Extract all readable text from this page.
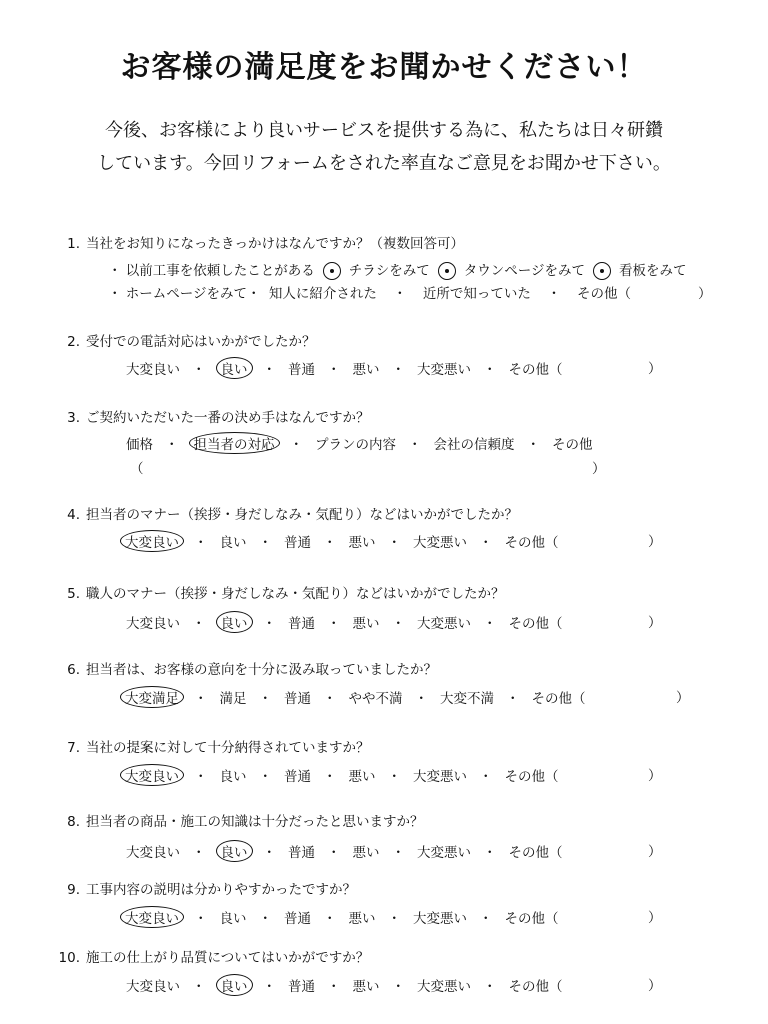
お客様の満足度をお聞かせください！
今後、お客様により良いサービスを提供する為に、私たちは日々研鑽
しています。今回リフォームをされた率直なご意見をお聞かせ下さい。
1. 当社をお知りになったきっかけはなんですか？（複数回答可）
・ 以前工事を依頼したことがある	チラシをみて	タウンページをみて	看板をみて
・ ホームページをみて・ 知人に紹介された ・ 近所で知っていた ・ その他（	）
2. 受付での電話対応はいかがでしたか？
大変良い ・ 良い ・ 普通 ・ 悪い ・ 大変悪い ・ その他（	）
3. ご契約いただいた一番の決め手はなんですか？
価格 ・ 担当者の対応 ・ プランの内容 ・ 会社の信頼度 ・ その他
（	）
4. 担当者のマナー（挨拶・身だしなみ・気配り）などはいかがでしたか？
大変良い ・ 良い ・ 普通 ・ 悪い ・ 大変悪い ・ その他（	）
5. 職人のマナー（挨拶・身だしなみ・気配り）などはいかがでしたか？
大変良い ・ 良い ・ 普通 ・ 悪い ・ 大変悪い ・ その他（	）
6. 担当者は、お客様の意向を十分に汲み取っていましたか？
大変満足 ・ 満足 ・ 普通 ・ やや不満 ・ 大変不満 ・ その他（	）
7. 当社の提案に対して十分納得されていますか？
大変良い ・ 良い ・ 普通 ・ 悪い ・ 大変悪い ・ その他（	）
8. 担当者の商品・施工の知識は十分だったと思いますか？
大変良い ・ 良い ・ 普通 ・ 悪い ・ 大変悪い ・ その他（	）
9. 工事内容の説明は分かりやすかったですか？
大変良い ・ 良い ・ 普通 ・ 悪い ・ 大変悪い ・ その他（	）
10. 施工の仕上がり品質についてはいかがですか？
大変良い ・ 良い ・ 普通 ・ 悪い ・ 大変悪い ・ その他（	）
